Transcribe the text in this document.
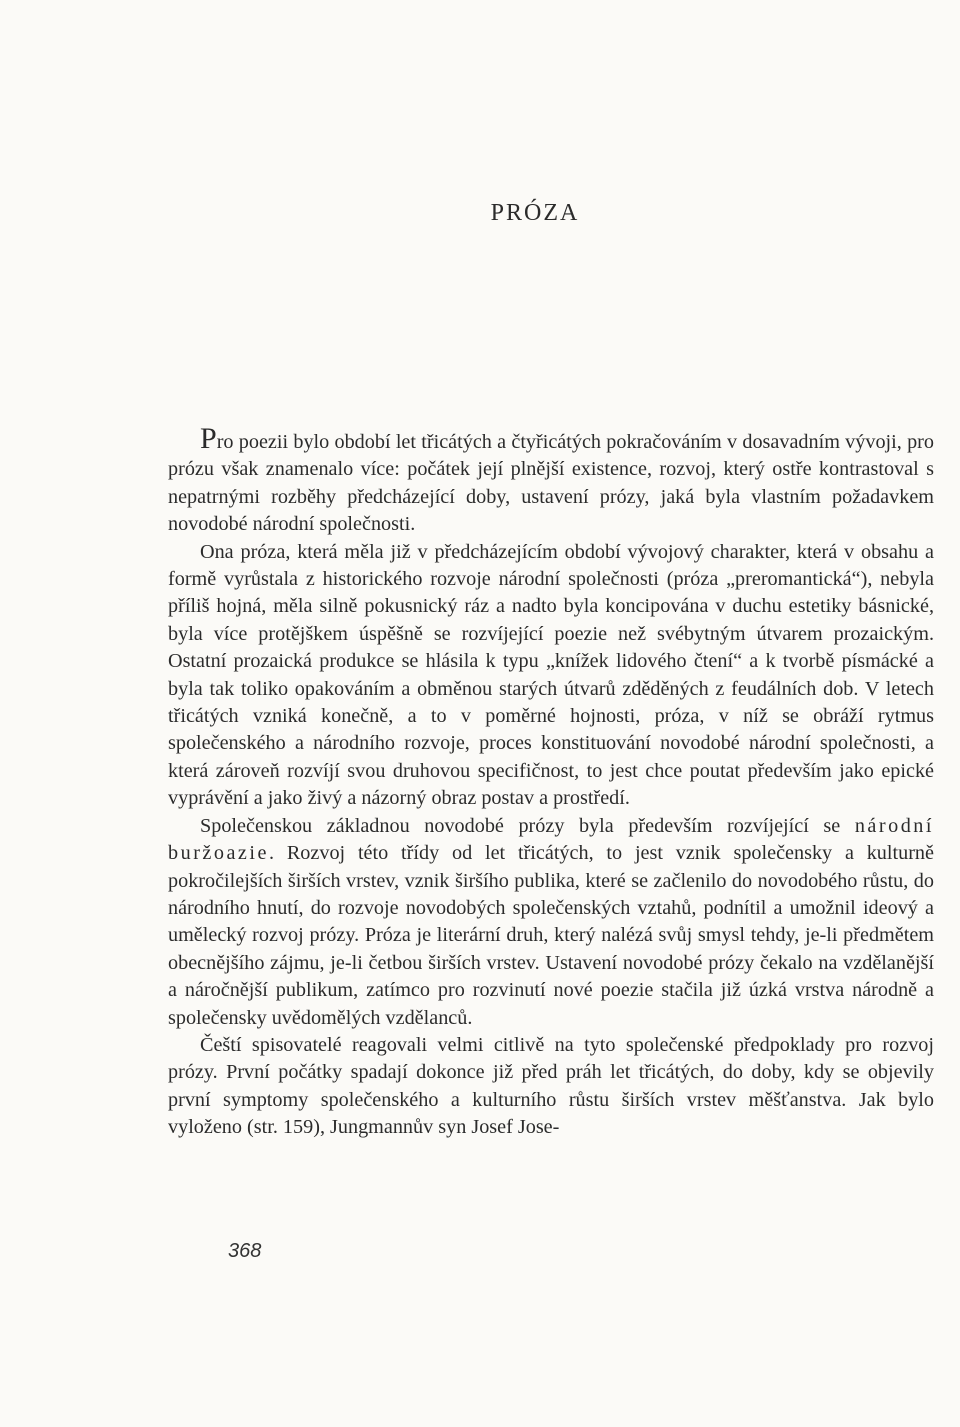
PRÓZA

Pro poezii bylo období let třicátých a čtyřicátých pokračováním v dosavadním vývoji, pro prózu však znamenalo více: počátek její plnější existence, rozvoj, který ostře kontrastoval s nepatrnými rozběhy předcházející doby, ustavení prózy, jaká byla vlastním požadavkem novodobé národní společnosti.

Ona próza, která měla již v předcházejícím období vývojový charakter, která v obsahu a formě vyrůstala z historického rozvoje národní společnosti (próza „preromantická“), nebyla příliš hojná, měla silně pokusnický ráz a nadto byla koncipována v duchu estetiky básnické, byla více protějškem úspěšně se rozvíjející poezie než svébytným útvarem prozaickým. Ostatní prozaická produkce se hlásila k typu „knížek lidového čtení“ a k tvorbě písmácké a byla tak toliko opakováním a obměnou starých útvarů zděděných z feudálních dob. V letech třicátých vzniká konečně, a to v poměrné hojnosti, próza, v níž se obráží rytmus společenského a národního rozvoje, proces konstituování novodobé národní společnosti, a která zároveň rozvíjí svou druhovou specifičnost, to jest chce poutat především jako epické vyprávění a jako živý a názorný obraz postav a prostředí.

Společenskou základnou novodobé prózy byla především rozvíjející se národní buržoazie. Rozvoj této třídy od let třicátých, to jest vznik společensky a kulturně pokročilejších širších vrstev, vznik širšího publika, které se začlenilo do novodobého růstu, do národního hnutí, do rozvoje novodobých společenských vztahů, podnítil a umožnil ideový a umělecký rozvoj prózy. Próza je literární druh, který nalézá svůj smysl tehdy, je-li předmětem obecnějšího zájmu, je-li četbou širších vrstev. Ustavení novodobé prózy čekalo na vzdělanější a náročnější publikum, zatímco pro rozvinutí nové poezie stačila již úzká vrstva národně a společensky uvědomělých vzdělanců.

Čeští spisovatelé reagovali velmi citlivě na tyto společenské předpoklady pro rozvoj prózy. První počátky spadají dokonce již před práh let třicátých, do doby, kdy se objevily první symptomy společenského a kulturního růstu širších vrstev měšťanstva. Jak bylo vyloženo (str. 159), Jungmannův syn Josef Jose-

368
